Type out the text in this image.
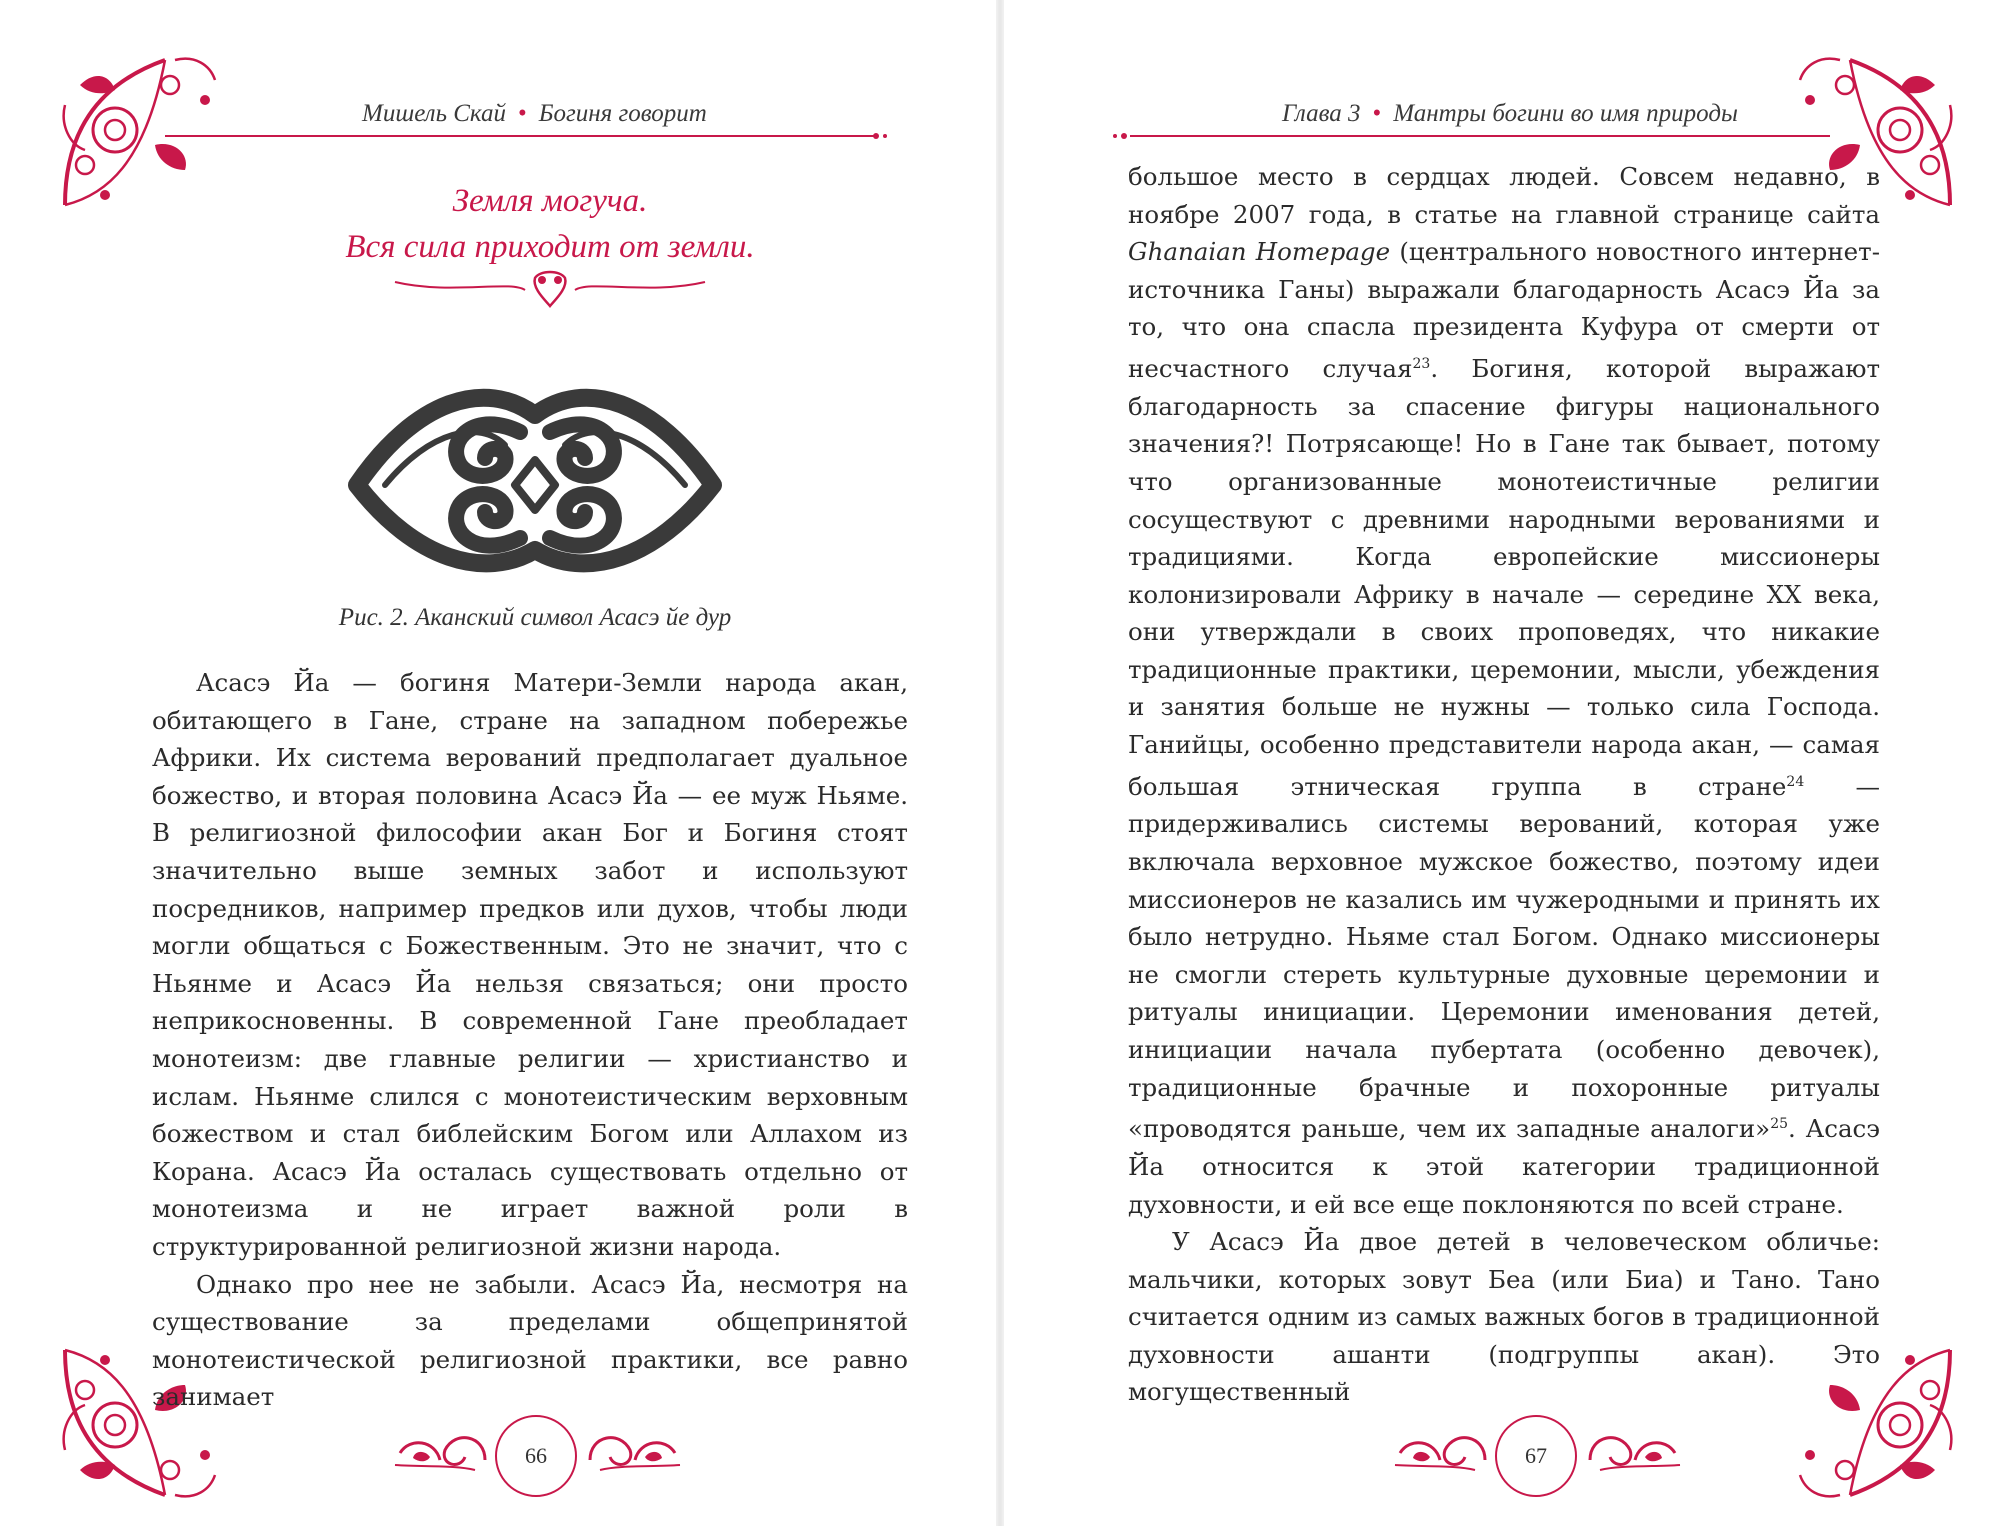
Мишель Скай • Богиня говорит
Земля могуча.
Вся сила приходит от земли.
Рис. 2. Аканский символ Асасэ йе дур

Асасэ Йа — богиня Матери-Земли народа акан, обитающего в Гане, стране на западном побережье Африки. Их система верований предполагает дуальное божество, и вторая половина Асасэ Йа — ее муж Ньяме. В религиозной философии акан Бог и Богиня стоят значительно выше земных забот и используют посредников, например предков или духов, чтобы люди могли общаться с Божественным. Это не значит, что с Ньянме и Асасэ Йа нельзя связаться; они просто неприкосновенны. В современной Гане преобладает монотеизм: две главные религии — христианство и ислам. Ньянме слился с монотеистическим верховным божеством и стал библейским Богом или Аллахом из Корана. Асасэ Йа осталась существовать отдельно от монотеизма и не играет важной роли в структурированной религиозной жизни народа.

Однако про нее не забыли. Асасэ Йа, несмотря на существование за пределами общепринятой монотеистической религиозной практики, все равно занимает

66
Глава 3 • Мантры богини во имя природы

большое место в сердцах людей. Совсем недавно, в ноябре 2007 года, в статье на главной странице сайта Ghanaian Homepage (центрального новостного интернет-источника Ганы) выражали благодарность Асасэ Йа за то, что она спасла президента Куфура от смерти от несчастного случая$^{23}$. Богиня, которой выражают благодарность за спасение фигуры национального значения?! Потрясающе! Но в Гане так бывает, потому что организованные монотеистичные религии сосуществуют с древними народными верованиями и традициями. Когда европейские миссионеры колонизировали Африку в начале — середине XX века, они утверждали в своих проповедях, что никакие традиционные практики, церемонии, мысли, убеждения и занятия больше не нужны — только сила Господа. Ганийцы, особенно представители народа акан, — самая большая этническая группа в стране$^{24}$ — придерживались системы верований, которая уже включала верховное мужское божество, поэтому идеи миссионеров не казались им чужеродными и принять их было нетрудно. Ньяме стал Богом. Однако миссионеры не смогли стереть культурные духовные церемонии и ритуалы инициации. Церемонии именования детей, инициации начала пубертата (особенно девочек), традиционные брачные и похоронные ритуалы «проводятся раньше, чем их западные аналоги»$^{25}$. Асасэ Йа относится к этой категории традиционной духовности, и ей все еще поклоняются по всей стране.

У Асасэ Йа двое детей в человеческом обличье: мальчики, которых зовут Беа (или Биа) и Тано. Тано считается одним из самых важных богов в традиционной духовности ашанти (подгруппы акан). Это могущественный

67
